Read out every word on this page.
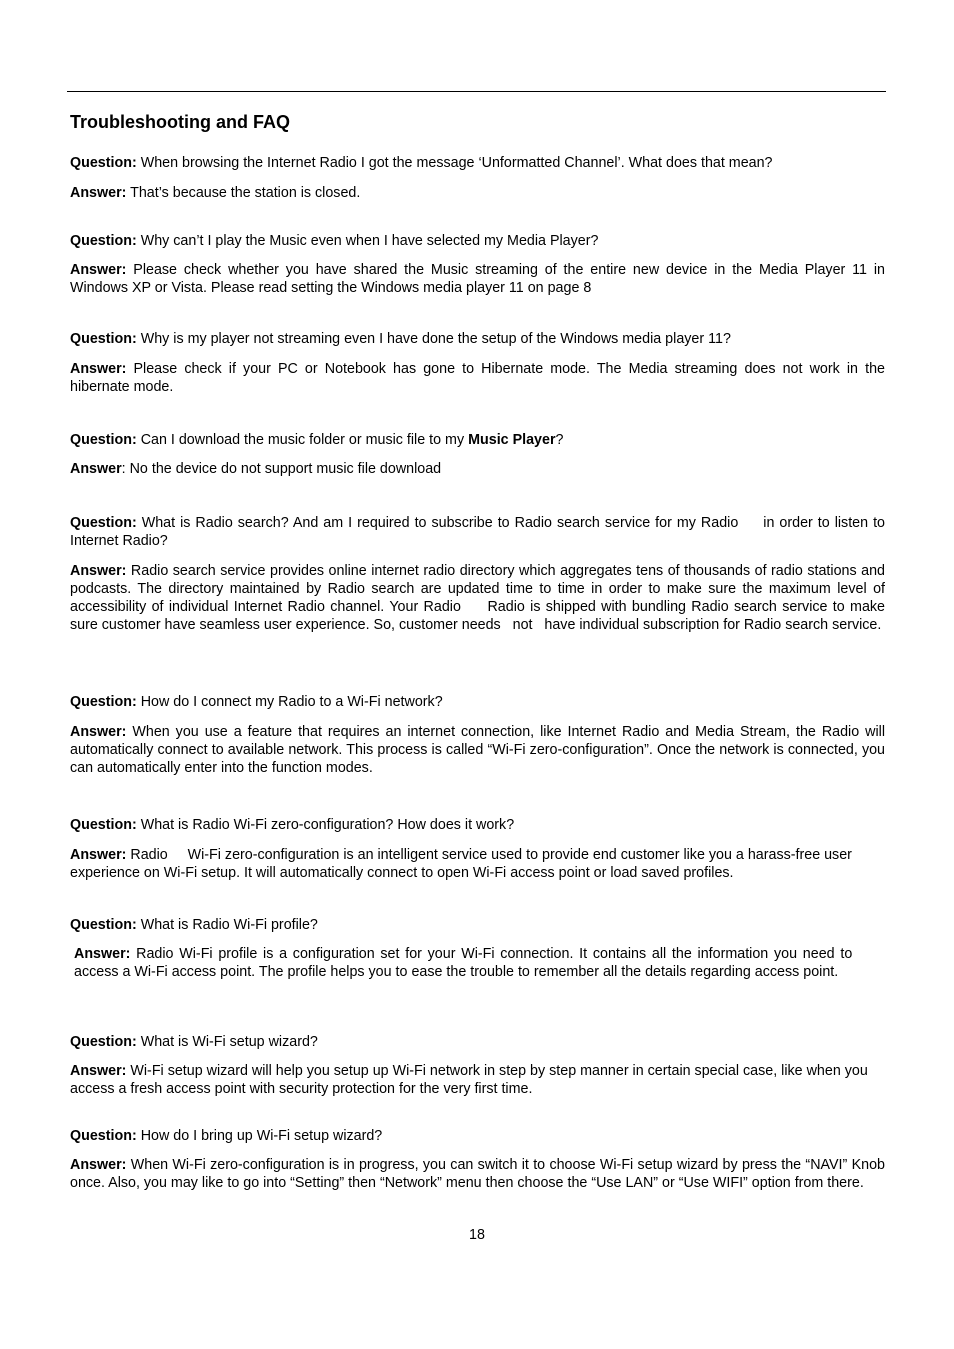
Troubleshooting and FAQ

Question: When browsing the Internet Radio I got the message ‘Unformatted Channel’. What does that mean?

Answer: That’s because the station is closed.

Question: Why can’t I play the Music even when I have selected my Media Player?

Answer: Please check whether you have shared the Music streaming of the entire new device in the Media Player 11 in Windows XP or Vista. Please read setting the Windows media player 11 on page 8

Question: Why is my player not streaming even I have done the setup of the Windows media player 11?

Answer: Please check if your PC or Notebook has gone to Hibernate mode. The Media streaming does not work in the hibernate mode.

Question: Can I download the music folder or music file to my Music Player?

Answer: No the device do not support music file download

Question: What is Radio search? And am I required to subscribe to Radio search service for my Radio     in order to listen to Internet Radio?

Answer: Radio search service provides online internet radio directory which aggregates tens of thousands of radio stations and podcasts. The directory maintained by Radio search are updated time to time in order to make sure the maximum level of accessibility of individual Internet Radio channel. Your Radio     Radio is shipped with bundling Radio search service to make sure customer have seamless user experience. So, customer needs   not   have individual subscription for Radio search service.

Question: How do I connect my Radio to a Wi-Fi network?

Answer: When you use a feature that requires an internet connection, like Internet Radio and Media Stream, the Radio will automatically connect to available network. This process is called “Wi-Fi zero-configuration”. Once the network is connected, you can automatically enter into the function modes.

Question: What is Radio Wi-Fi zero-configuration? How does it work?

Answer: Radio     Wi-Fi zero-configuration is an intelligent service used to provide end customer like you a harass-free user experience on Wi-Fi setup. It will automatically connect to open Wi-Fi access point or load saved profiles.

Question: What is Radio Wi-Fi profile?

Answer: Radio Wi-Fi profile is a configuration set for your Wi-Fi connection. It contains all the information you need to       access a Wi-Fi access point. The profile helps you to ease the trouble to remember all the details regarding access point.

Question: What is Wi-Fi setup wizard?

Answer: Wi-Fi setup wizard will help you setup up Wi-Fi network in step by step manner in certain special case, like when you access a fresh access point with security protection for the very first time.

Question: How do I bring up Wi-Fi setup wizard?

Answer: When Wi-Fi zero-configuration is in progress, you can switch it to choose Wi-Fi setup wizard by press the “NAVI” Knob once. Also, you may like to go into “Setting” then “Network” menu then choose the “Use LAN” or “Use WIFI” option from there.

18
